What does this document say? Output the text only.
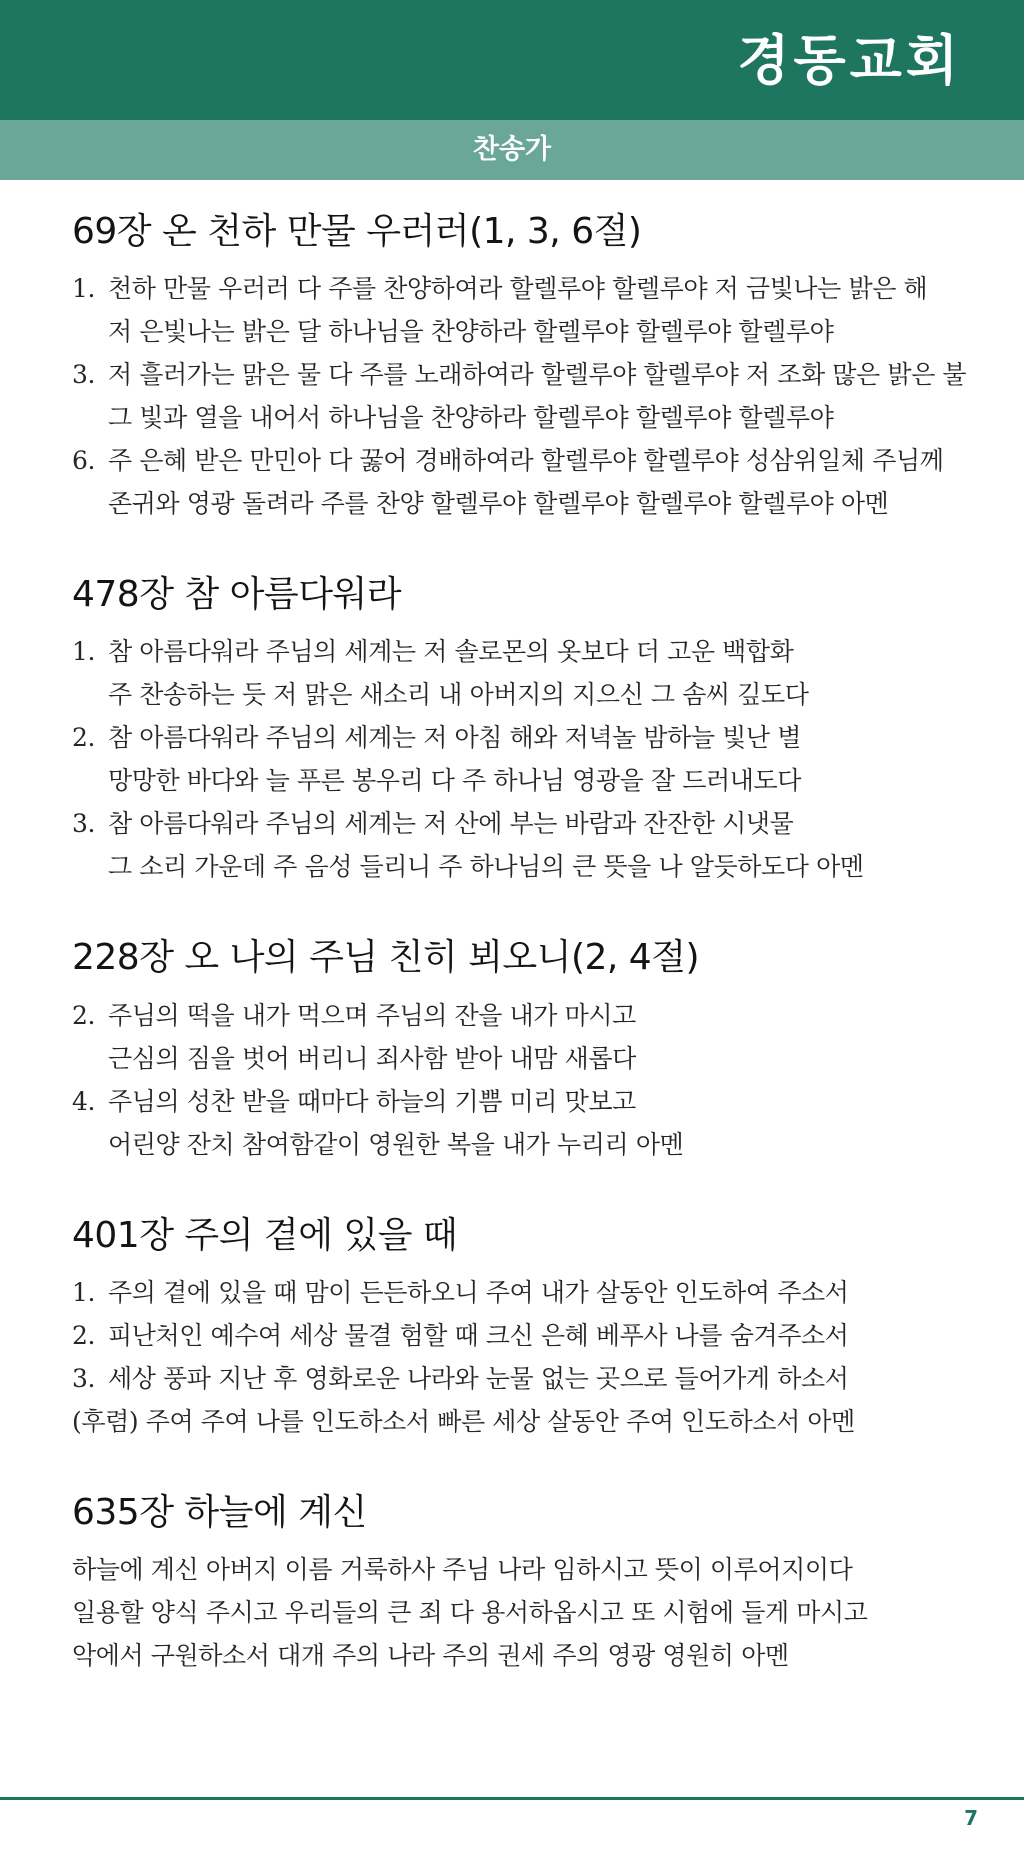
경동교회
찬송가
69장 온 천하 만물 우러러(1, 3, 6절)
1. 천하 만물 우러러 다 주를 찬양하여라 할렐루야 할렐루야 저 금빛나는 밝은 해
저 은빛나는 밝은 달 하나님을 찬양하라 할렐루야 할렐루야 할렐루야
3. 저 흘러가는 맑은 물 다 주를 노래하여라 할렐루야 할렐루야 저 조화 많은 밝은 불
그 빛과 열을 내어서 하나님을 찬양하라 할렐루야 할렐루야 할렐루야
6. 주 은혜 받은 만민아 다 꿇어 경배하여라 할렐루야 할렐루야 성삼위일체 주님께
존귀와 영광 돌려라 주를 찬양 할렐루야 할렐루야 할렐루야 할렐루야 아멘
478장 참 아름다워라
1. 참 아름다워라 주님의 세계는 저 솔로몬의 옷보다 더 고운 백합화
주 찬송하는 듯 저 맑은 새소리 내 아버지의 지으신 그 솜씨 깊도다
2. 참 아름다워라 주님의 세계는 저 아침 해와 저녁놀 밤하늘 빛난 별
망망한 바다와 늘 푸른 봉우리 다 주 하나님 영광을 잘 드러내도다
3. 참 아름다워라 주님의 세계는 저 산에 부는 바람과 잔잔한 시냇물
그 소리 가운데 주 음성 들리니 주 하나님의 큰 뜻을 나 알듯하도다 아멘
228장 오 나의 주님 친히 뵈오니(2, 4절)
2. 주님의 떡을 내가 먹으며 주님의 잔을 내가 마시고
근심의 짐을 벗어 버리니 죄사함 받아 내맘 새롭다
4. 주님의 성찬 받을 때마다 하늘의 기쁨 미리 맛보고
어린양 잔치 참여함같이 영원한 복을 내가 누리리 아멘
401장 주의 곁에 있을 때
1. 주의 곁에 있을 때 맘이 든든하오니 주여 내가 살동안 인도하여 주소서
2. 피난처인 예수여 세상 물결 험할 때 크신 은혜 베푸사 나를 숨겨주소서
3. 세상 풍파 지난 후 영화로운 나라와 눈물 없는 곳으로 들어가게 하소서
(후렴) 주여 주여 나를 인도하소서 빠른 세상 살동안 주여 인도하소서 아멘
635장 하늘에 계신
하늘에 계신 아버지 이름 거룩하사 주님 나라 임하시고 뜻이 이루어지이다
일용할 양식 주시고 우리들의 큰 죄 다 용서하옵시고 또 시험에 들게 마시고
악에서 구원하소서 대개 주의 나라 주의 권세 주의 영광 영원히 아멘
7
